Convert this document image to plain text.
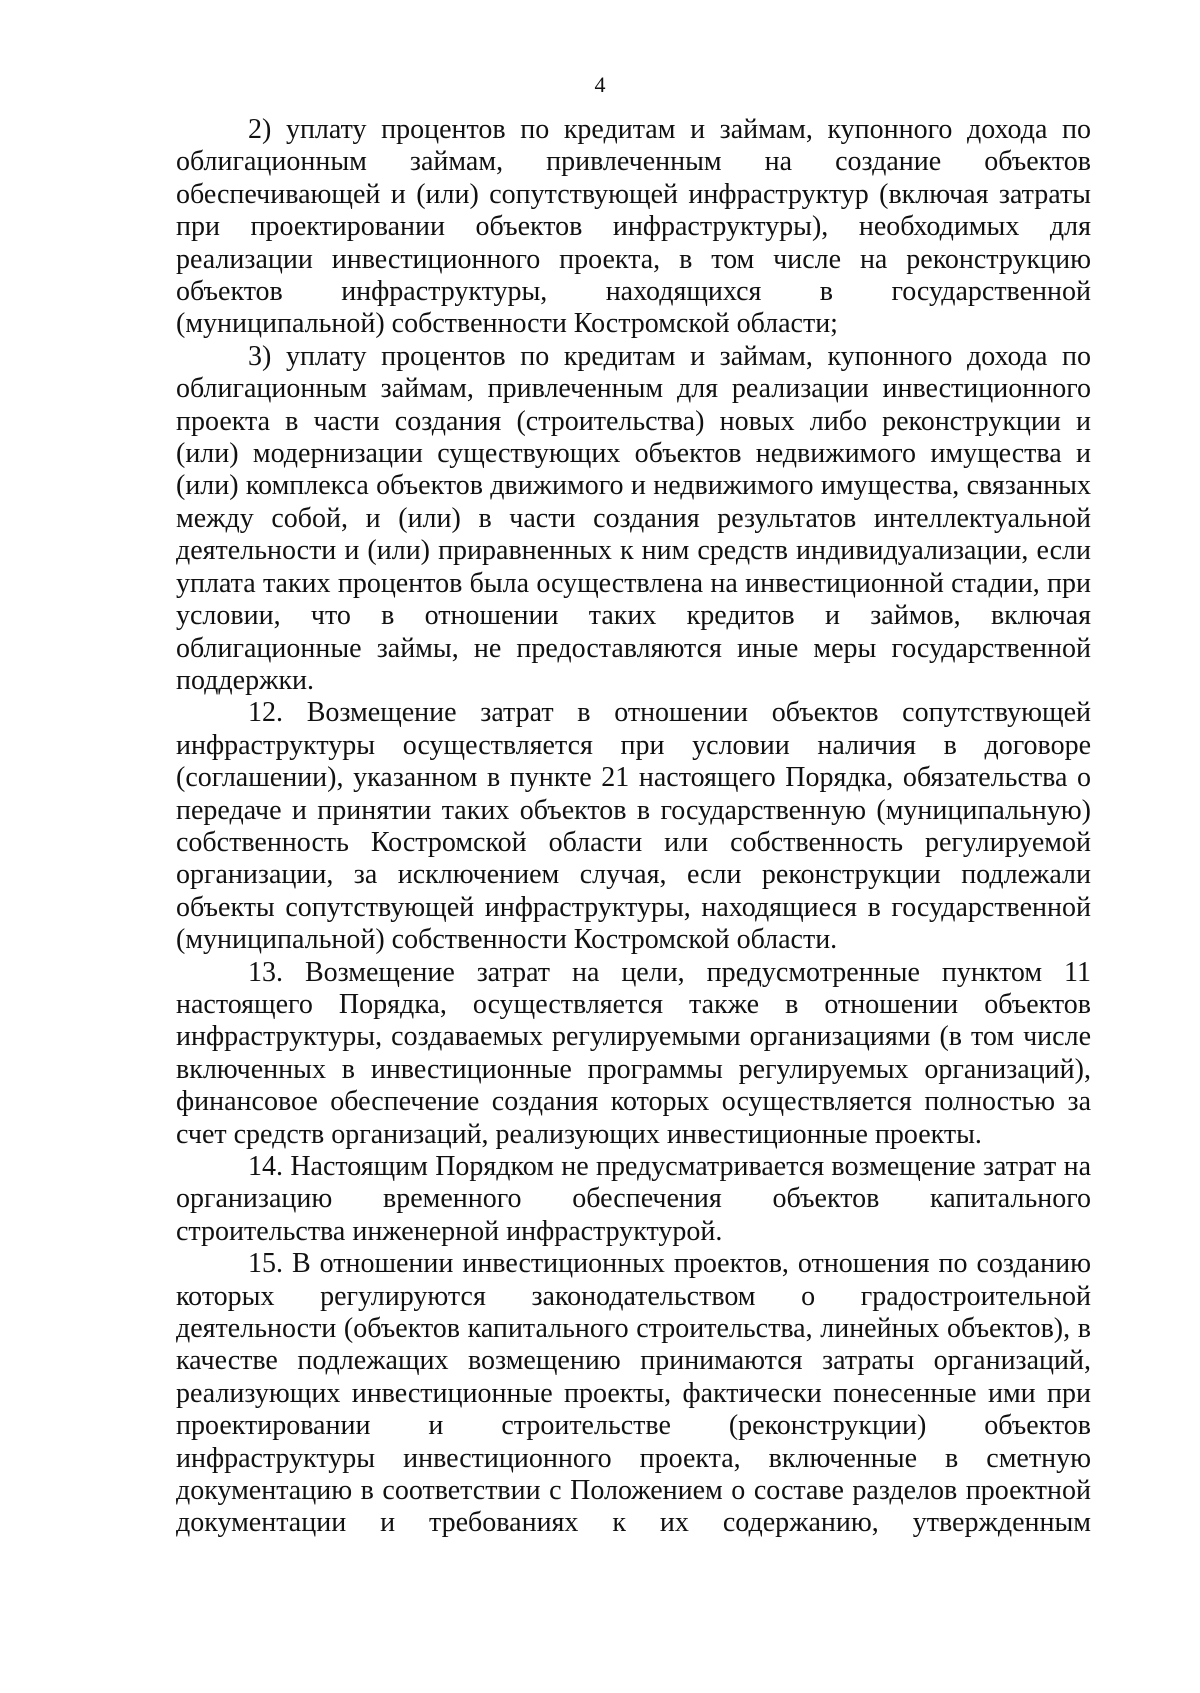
4

2) уплату процентов по кредитам и займам, купонного дохода по облигационным займам, привлеченным на создание объектов обеспечивающей и (или) сопутствующей инфраструктур (включая затраты при проектировании объектов инфраструктуры), необходимых для реализации инвестиционного проекта, в том числе на реконструкцию объектов инфраструктуры, находящихся в государственной (муниципальной) собственности Костромской области;

3) уплату процентов по кредитам и займам, купонного дохода по облигационным займам, привлеченным для реализации инвестиционного проекта в части создания (строительства) новых либо реконструкции и (или) модернизации существующих объектов недвижимого имущества и (или) комплекса объектов движимого и недвижимого имущества, связанных между собой, и (или) в части создания результатов интеллектуальной деятельности и (или) приравненных к ним средств индивидуализации, если уплата таких процентов была осуществлена на инвестиционной стадии, при условии, что в отношении таких кредитов и займов, включая облигационные займы, не предоставляются иные меры государственной поддержки.

12. Возмещение затрат в отношении объектов сопутствующей инфраструктуры осуществляется при условии наличия в договоре (соглашении), указанном в пункте 21 настоящего Порядка, обязательства о передаче и принятии таких объектов в государственную (муниципальную) собственность Костромской области или собственность регулируемой организации, за исключением случая, если реконструкции подлежали объекты сопутствующей инфраструктуры, находящиеся в государственной (муниципальной) собственности Костромской области.

13. Возмещение затрат на цели, предусмотренные пунктом 11 настоящего Порядка, осуществляется также в отношении объектов инфраструктуры, создаваемых регулируемыми организациями (в том числе включенных в инвестиционные программы регулируемых организаций), финансовое обеспечение создания которых осуществляется полностью за счет средств организаций, реализующих инвестиционные проекты.

14. Настоящим Порядком не предусматривается возмещение затрат на организацию временного обеспечения объектов капитального строительства инженерной инфраструктурой.

15. В отношении инвестиционных проектов, отношения по созданию которых регулируются законодательством о градостроительной деятельности (объектов капитального строительства, линейных объектов), в качестве подлежащих возмещению принимаются затраты организаций, реализующих инвестиционные проекты, фактически понесенные ими при проектировании и строительстве (реконструкции) объектов инфраструктуры инвестиционного проекта, включенные в сметную документацию в соответствии с Положением о составе разделов проектной документации и требованиях к их содержанию, утвержденным
